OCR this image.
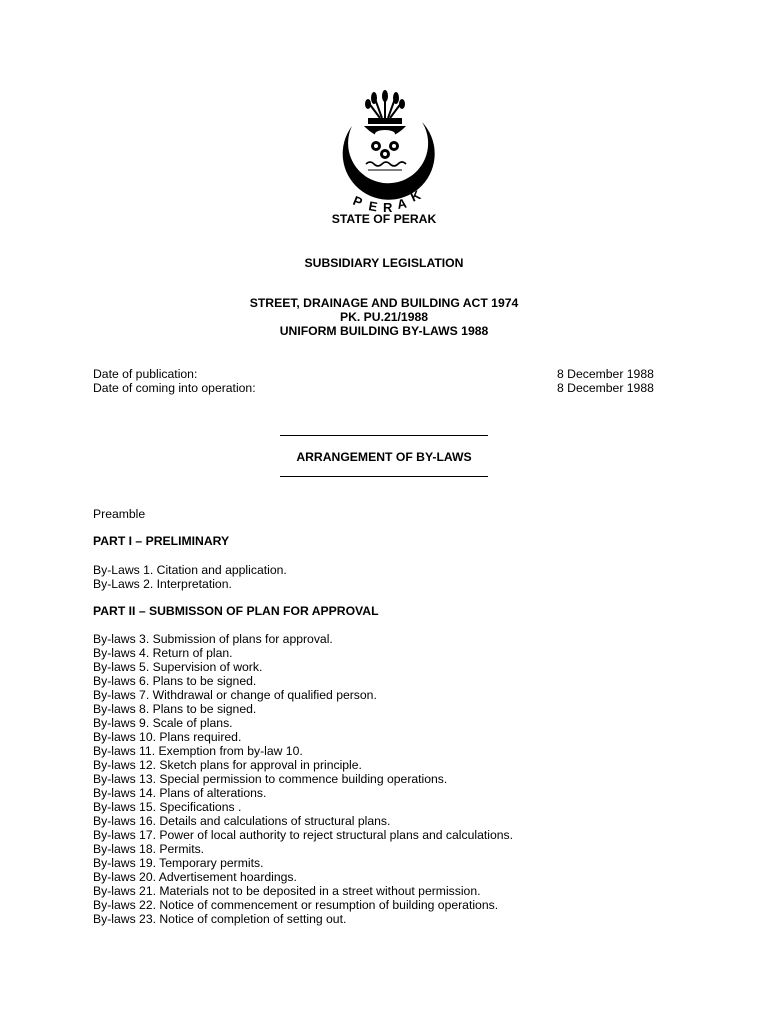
P E R A K
STATE OF PERAK
SUBSIDIARY LEGISLATION
STREET, DRAINAGE AND BUILDING ACT 1974
PK. PU.21/1988
UNIFORM BUILDING BY-LAWS 1988
Date of publication:	8 December 1988
Date of coming into operation:	8 December 1988
ARRANGEMENT OF BY-LAWS
Preamble
PART I – PRELIMINARY
By-Laws 1. Citation and application.
By-Laws 2. Interpretation.
PART II – SUBMISSON OF PLAN FOR APPROVAL
By-laws 3. Submission of plans for approval.
By-laws 4. Return of plan.
By-laws 5. Supervision of work.
By-laws 6. Plans to be signed.
By-laws 7. Withdrawal or change of qualified person.
By-laws 8. Plans to be signed.
By-laws 9. Scale of plans.
By-laws 10. Plans required.
By-laws 11. Exemption from by-law 10.
By-laws 12. Sketch plans for approval in principle.
By-laws 13. Special permission to commence building operations.
By-laws 14. Plans of alterations.
By-laws 15. Specifications .
By-laws 16. Details and calculations of structural plans.
By-laws 17. Power of local authority to reject structural plans and calculations.
By-laws 18. Permits.
By-laws 19. Temporary permits.
By-laws 20. Advertisement hoardings.
By-laws 21. Materials not to be deposited in a street without permission.
By-laws 22. Notice of commencement or resumption of building operations.
By-laws 23. Notice of completion of setting out.
